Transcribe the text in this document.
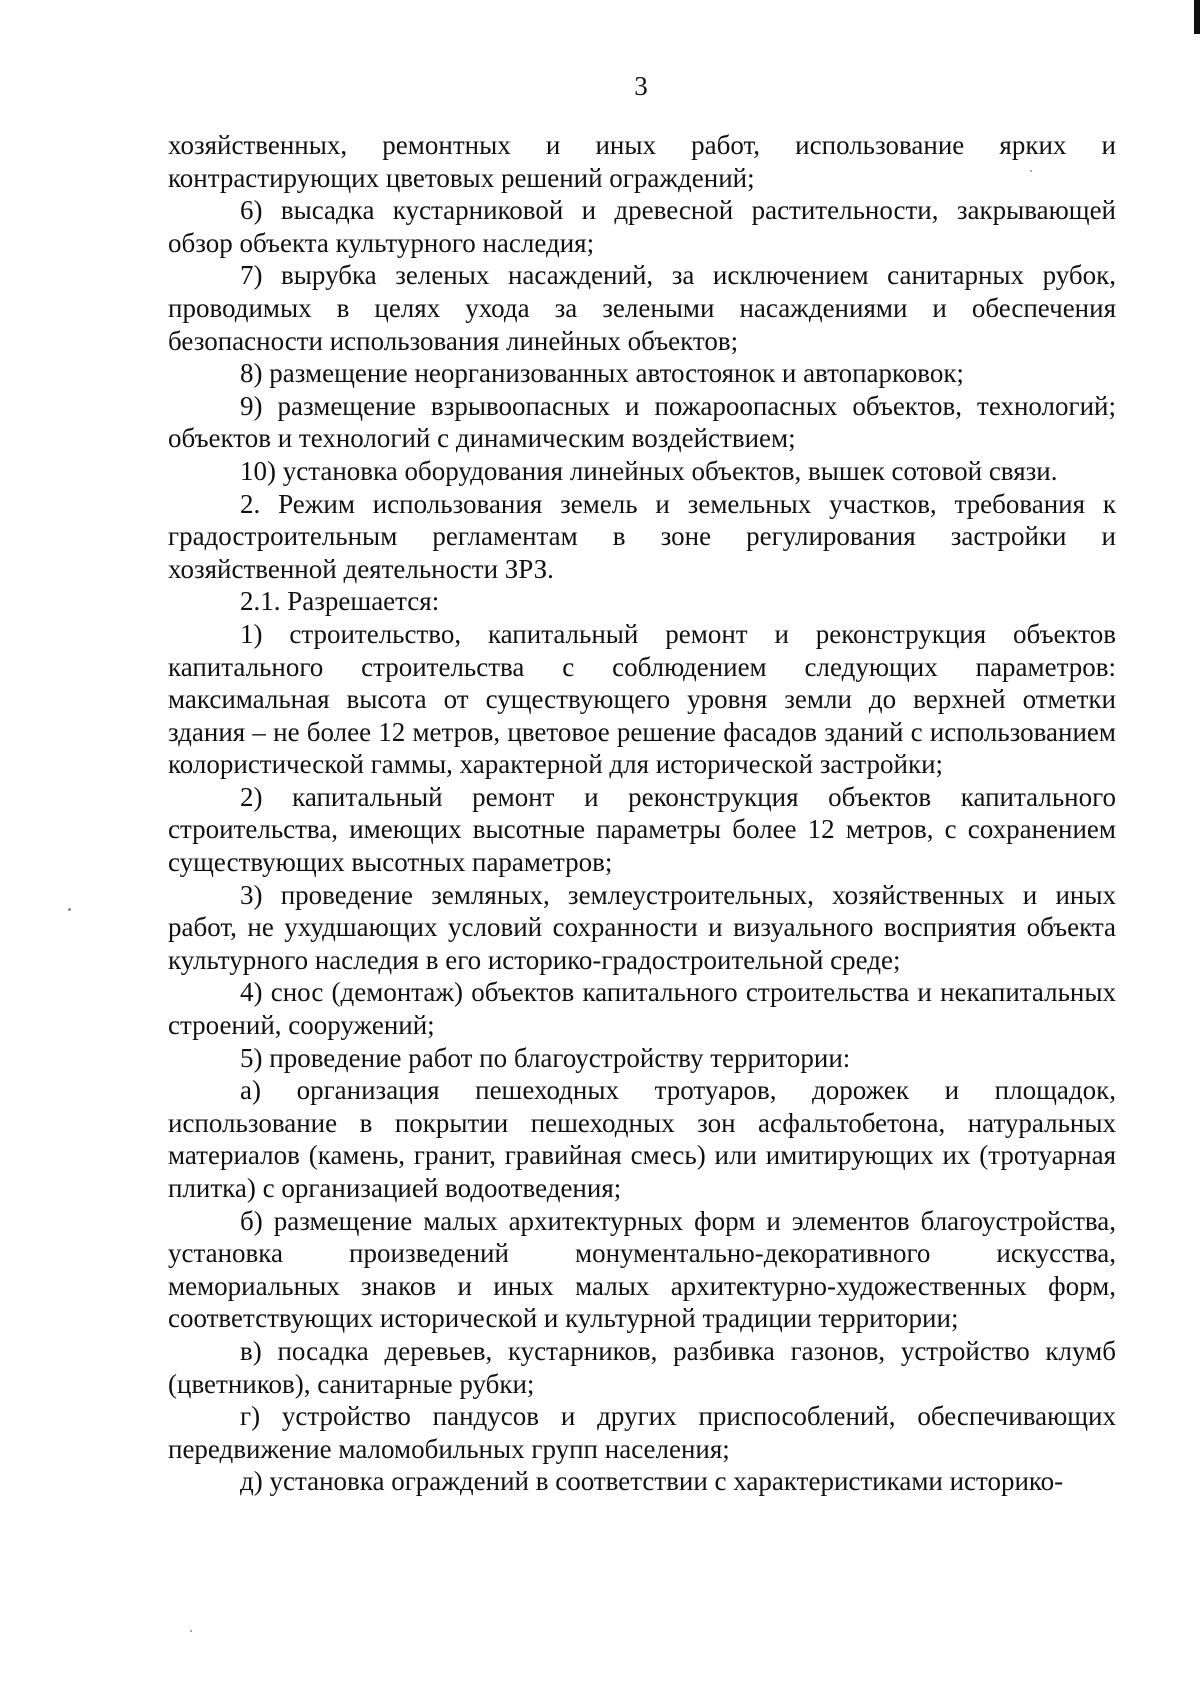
3

хозяйственных, ремонтных и иных работ, использование ярких и контрастирующих цветовых решений ограждений;

6) высадка кустарниковой и древесной растительности, закрывающей обзор объекта культурного наследия;

7) вырубка зеленых насаждений, за исключением санитарных рубок, проводимых в целях ухода за зелеными насаждениями и обеспечения безопасности использования линейных объектов;

8) размещение неорганизованных автостоянок и автопарковок;

9) размещение взрывоопасных и пожароопасных объектов, технологий; объектов и технологий с динамическим воздействием;

10) установка оборудования линейных объектов, вышек сотовой связи.

2. Режим использования земель и земельных участков, требования к градостроительным регламентам в зоне регулирования застройки и хозяйственной деятельности ЗРЗ.

2.1. Разрешается:

1) строительство, капитальный ремонт и реконструкция объектов капитального строительства с соблюдением следующих параметров: максимальная высота от существующего уровня земли до верхней отметки здания – не более 12 метров, цветовое решение фасадов зданий с использованием колористической гаммы, характерной для исторической застройки;

2) капитальный ремонт и реконструкция объектов капитального строительства, имеющих высотные параметры более 12 метров, с сохранением существующих высотных параметров;

3) проведение земляных, землеустроительных, хозяйственных и иных работ, не ухудшающих условий сохранности и визуального восприятия объекта культурного наследия в его историко-градостроительной среде;

4) снос (демонтаж) объектов капитального строительства и некапитальных строений, сооружений;

5) проведение работ по благоустройству территории:

а) организация пешеходных тротуаров, дорожек и площадок, использование в покрытии пешеходных зон асфальтобетона, натуральных материалов (камень, гранит, гравийная смесь) или имитирующих их (тротуарная плитка) с организацией водоотведения;

б) размещение малых архитектурных форм и элементов благоустройства, установка произведений монументально-декоративного искусства, мемориальных знаков и иных малых архитектурно-художественных форм, соответствующих исторической и культурной традиции территории;

в) посадка деревьев, кустарников, разбивка газонов, устройство клумб (цветников), санитарные рубки;

г) устройство пандусов и других приспособлений, обеспечивающих передвижение маломобильных групп населения;

д) установка ограждений в соответствии с характеристиками историко-
